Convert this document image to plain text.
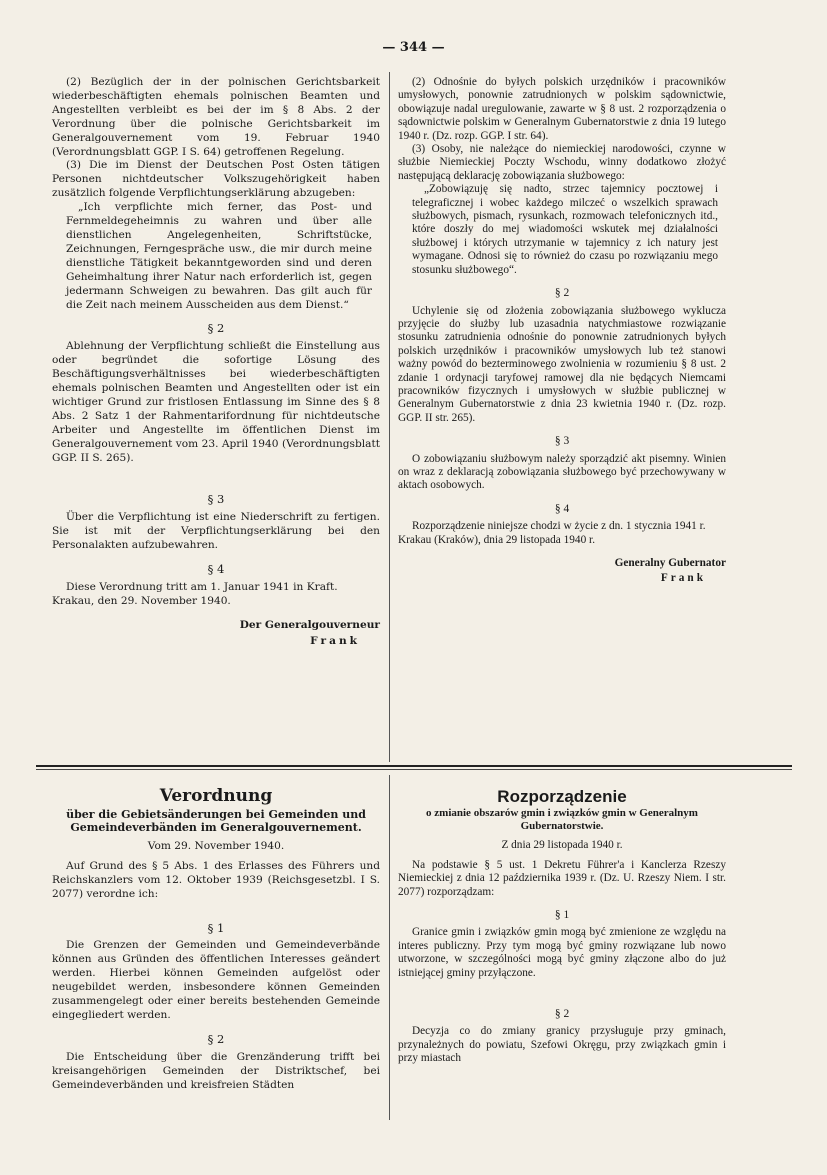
— 344 —

(2) Bezüglich der in der polnischen Gerichtsbarkeit wiederbeschäftigten ehemals polnischen Beamten und Angestellten verbleibt es bei der im § 8 Abs. 2 der Verordnung über die polnische Gerichtsbarkeit im Generalgouvernement vom 19. Februar 1940 (Verordnungsblatt GGP. I S. 64) getroffenen Regelung.

(3) Die im Dienst der Deutschen Post Osten tätigen Personen nichtdeutscher Volkszugehörigkeit haben zusätzlich folgende Verpflichtungserklärung abzugeben:

„Ich verpflichte mich ferner, das Post- und Fernmeldegeheimnis zu wahren und über alle dienstlichen Angelegenheiten, Schriftstücke, Zeichnungen, Ferngespräche usw., die mir durch meine dienstliche Tätigkeit bekanntgeworden sind und deren Geheimhaltung ihrer Natur nach erforderlich ist, gegen jedermann Schweigen zu bewahren. Das gilt auch für die Zeit nach meinem Ausscheiden aus dem Dienst.“

§ 2

Ablehnung der Verpflichtung schließt die Einstellung aus oder begründet die sofortige Lösung des Beschäftigungsverhältnisses bei wiederbeschäftigten ehemals polnischen Beamten und Angestellten oder ist ein wichtiger Grund zur fristlosen Entlassung im Sinne des § 8 Abs. 2 Satz 1 der Rahmentarifordnung für nichtdeutsche Arbeiter und Angestellte im öffentlichen Dienst im Generalgouvernement vom 23. April 1940 (Verordnungsblatt GGP. II S. 265).

§ 3

Über die Verpflichtung ist eine Niederschrift zu fertigen. Sie ist mit der Verpflichtungserklärung bei den Personalakten aufzubewahren.

§ 4

Diese Verordnung tritt am 1. Januar 1941 in Kraft.

Krakau, den 29. November 1940.

Der Generalgouverneur
Frank

(2) Odnośnie do byłych polskich urzędników i pracowników umysłowych, ponownie zatrudnionych w polskim sądownictwie, obowiązuje nadal uregulowanie, zawarte w § 8 ust. 2 rozporządzenia o sądownictwie polskim w Generalnym Gubernatorstwie z dnia 19 lutego 1940 r. (Dz. rozp. GGP. I str. 64).

(3) Osoby, nie należące do niemieckiej narodowości, czynne w służbie Niemieckiej Poczty Wschodu, winny dodatkowo złożyć następującą deklarację zobowiązania służbowego:

„Zobowiązuję się nadto, strzec tajemnicy pocztowej i telegraficznej i wobec każdego milczeć o wszelkich sprawach służbowych, pismach, rysunkach, rozmowach telefonicznych itd., które doszły do mej wiadomości wskutek mej działalności służbowej i których utrzymanie w tajemnicy z ich natury jest wymagane. Odnosi się to również do czasu po rozwiązaniu mego stosunku służbowego“.

§ 2

Uchylenie się od złożenia zobowiązania służbowego wyklucza przyjęcie do służby lub uzasadnia natychmiastowe rozwiązanie stosunku zatrudnienia odnośnie do ponownie zatrudnionych byłych polskich urzędników i pracowników umysłowych lub też stanowi ważny powód do bezterminowego zwolnienia w rozumieniu § 8 ust. 2 zdanie 1 ordynacji taryfowej ramowej dla nie będących Niemcami pracowników fizycznych i umysłowych w służbie publicznej w Generalnym Gubernatorstwie z dnia 23 kwietnia 1940 r. (Dz. rozp. GGP. II str. 265).

§ 3

O zobowiązaniu służbowym należy sporządzić akt pisemny. Winien on wraz z deklaracją zobowiązania służbowego być przechowywany w aktach osobowych.

§ 4

Rozporządzenie niniejsze chodzi w życie z dn. 1 stycznia 1941 r.

Krakau (Kraków), dnia 29 listopada 1940 r.

Generalny Gubernator
Frank
Verordnung
über die Gebietsänderungen bei Gemeinden und Gemeindeverbänden im Generalgouvernement.
Vom 29. November 1940.

Auf Grund des § 5 Abs. 1 des Erlasses des Führers und Reichskanzlers vom 12. Oktober 1939 (Reichsgesetzbl. I S. 2077) verordne ich:

§ 1

Die Grenzen der Gemeinden und Gemeindeverbände können aus Gründen des öffentlichen Interesses geändert werden. Hierbei können Gemeinden aufgelöst oder neugebildet werden, insbesondere können Gemeinden zusammengelegt oder einer bereits bestehenden Gemeinde eingegliedert werden.

§ 2

Die Entscheidung über die Grenzänderung trifft bei kreisangehörigen Gemeinden der Distriktschef, bei Gemeindeverbänden und kreisfreien Städten

Rozporządzenie
o zmianie obszarów gmin i związków gmin w Generalnym Gubernatorstwie.
Z dnia 29 listopada 1940 r.

Na podstawie § 5 ust. 1 Dekretu Führer'a i Kanclerza Rzeszy Niemieckiej z dnia 12 października 1939 r. (Dz. U. Rzeszy Niem. I str. 2077) rozporządzam:

§ 1

Granice gmin i związków gmin mogą być zmienione ze względu na interes publiczny. Przy tym mogą być gminy rozwiązane lub nowo utworzone, w szczególności mogą być gminy złączone albo do już istniejącej gminy przyłączone.

§ 2

Decyzja co do zmiany granicy przysługuje przy gminach, przynależnych do powiatu, Szefowi Okręgu, przy związkach gmin i przy miastach
